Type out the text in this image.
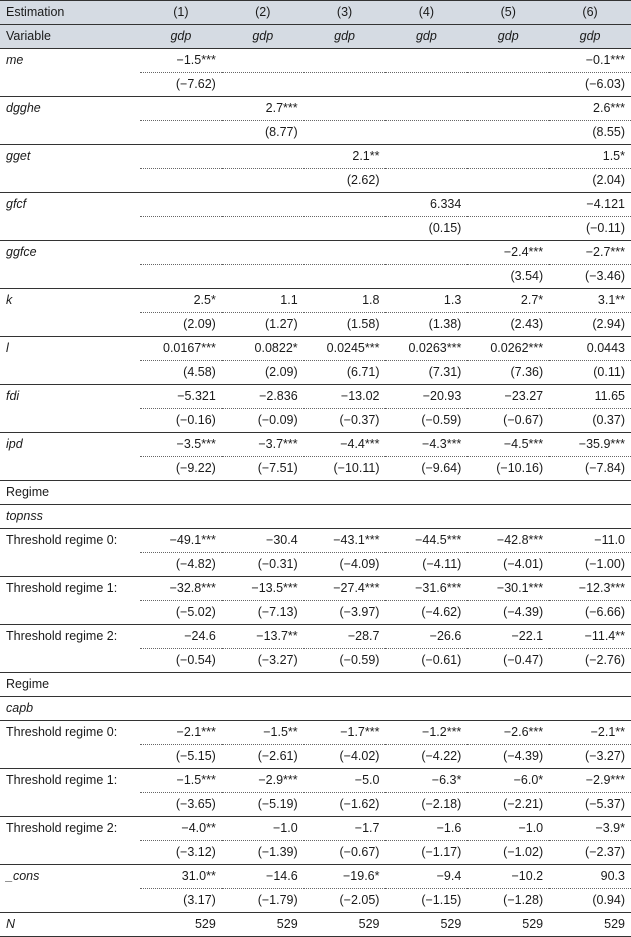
Estimation	(1)	(2)	(3)	(4)	(5)	(6)
Variable	gdp	gdp	gdp	gdp	gdp	gdp
me	−1.5***					−0.1***
	(−7.62)					(−6.03)
dgghe		2.7***				2.6***
		(8.77)				(8.55)
gget			2.1**			1.5*
			(2.62)			(2.04)
gfcf				6.334		−4.121
				(0.15)		(−0.11)
ggfce					−2.4***	−2.7***
					(3.54)	(−3.46)
k	2.5*	1.1	1.8	1.3	2.7*	3.1**
	(2.09)	(1.27)	(1.58)	(1.38)	(2.43)	(2.94)
l	0.0167***	0.0822*	0.0245***	0.0263***	0.0262***	0.0443
	(4.58)	(2.09)	(6.71)	(7.31)	(7.36)	(0.11)
fdi	−5.321	−2.836	−13.02	−20.93	−23.27	11.65
	(−0.16)	(−0.09)	(−0.37)	(−0.59)	(−0.67)	(0.37)
ipd	−3.5***	−3.7***	−4.4***	−4.3***	−4.5***	−35.9***
	(−9.22)	(−7.51)	(−10.11)	(−9.64)	(−10.16)	(−7.84)
Regime						
topnss						
Threshold regime 0:	−49.1***	−30.4	−43.1***	−44.5***	−42.8***	−11.0
	(−4.82)	(−0.31)	(−4.09)	(−4.11)	(−4.01)	(−1.00)
Threshold regime 1:	−32.8***	−13.5***	−27.4***	−31.6***	−30.1***	−12.3***
	(−5.02)	(−7.13)	(−3.97)	(−4.62)	(−4.39)	(−6.66)
Threshold regime 2:	−24.6	−13.7**	−28.7	−26.6	−22.1	−11.4**
	(−0.54)	(−3.27)	(−0.59)	(−0.61)	(−0.47)	(−2.76)
Regime						
capb						
Threshold regime 0:	−2.1***	−1.5**	−1.7***	−1.2***	−2.6***	−2.1**
	(−5.15)	(−2.61)	(−4.02)	(−4.22)	(−4.39)	(−3.27)
Threshold regime 1:	−1.5***	−2.9***	−5.0	−6.3*	−6.0*	−2.9***
	(−3.65)	(−5.19)	(−1.62)	(−2.18)	(−2.21)	(−5.37)
Threshold regime 2:	−4.0**	−1.0	−1.7	−1.6	−1.0	−3.9*
	(−3.12)	(−1.39)	(−0.67)	(−1.17)	(−1.02)	(−2.37)
_cons	31.0**	−14.6	−19.6*	−9.4	−10.2	90.3
	(3.17)	(−1.79)	(−2.05)	(−1.15)	(−1.28)	(0.94)
N	529	529	529	529	529	529
